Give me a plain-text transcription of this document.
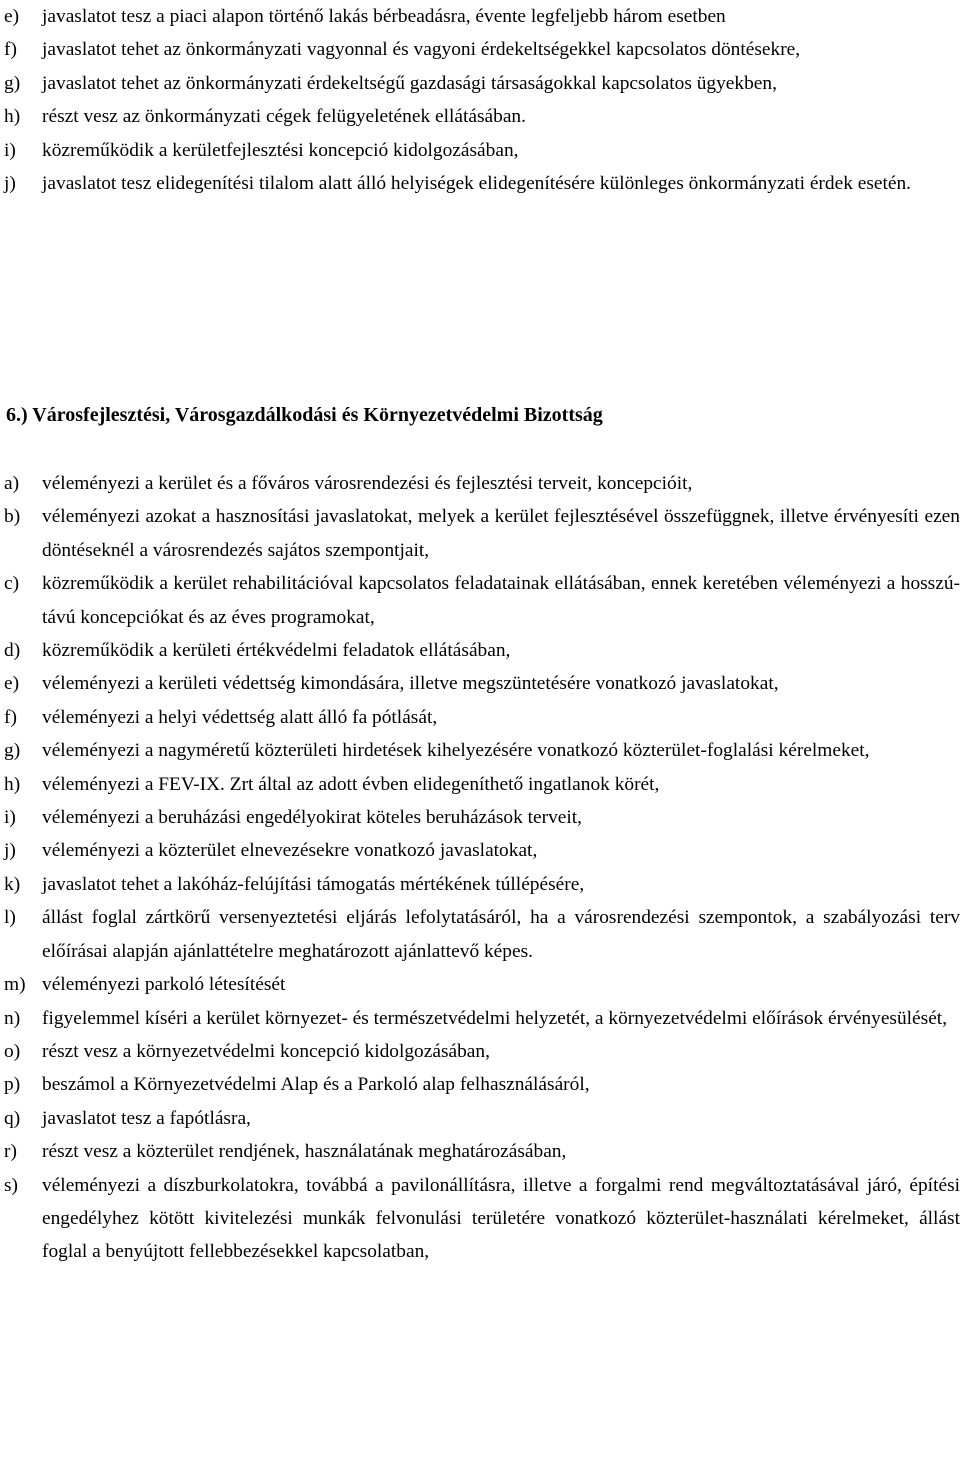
e)	javaslatot tesz a piaci alapon történő lakás bérbeadásra, évente legfeljebb három esetben
f)	javaslatot tehet az önkormányzati vagyonnal és vagyoni érdekeltségekkel kapcsolatos döntésekre,
g)	javaslatot tehet az önkormányzati érdekeltségű gazdasági társaságokkal kapcsolatos ügyekben,
h)	részt vesz az önkormányzati cégek felügyeletének ellátásában.
i)	közreműködik a kerületfejlesztési koncepció kidolgozásában,
j)	javaslatot tesz elidegenítési tilalom alatt álló helyiségek elidegenítésére különleges önkormányzati érdek esetén.
6.) Városfejlesztési, Városgazdálkodási és Környezetvédelmi Bizottság
a)	véleményezi a kerület és a főváros városrendezési és fejlesztési terveit, koncepcióit,
b)	véleményezi azokat a hasznosítási javaslatokat, melyek a kerület fejlesztésével összefüggnek, illetve érvényesíti ezen döntéseknél a városrendezés sajátos szempontjait,
c)	közreműködik a kerület rehabilitációval kapcsolatos feladatainak ellátásában, ennek keretében véleményezi a hosszú-távú koncepciókat és az éves programokat,
d)	közreműködik a kerületi értékvédelmi feladatok ellátásában,
e)	véleményezi a kerületi védettség kimondására, illetve megszüntetésére vonatkozó javaslatokat,
f)	véleményezi a helyi védettség alatt álló fa pótlását,
g)	véleményezi a nagyméretű közterületi hirdetések kihelyezésére vonatkozó közterület-foglalási kérelmeket,
h)	véleményezi a FEV-IX. Zrt által az adott évben elidegeníthető ingatlanok körét,
i)	véleményezi a beruházási engedélyokirat köteles beruházások terveit,
j)	véleményezi a közterület elnevezésekre vonatkozó javaslatokat,
k)	javaslatot tehet a lakóház-felújítási támogatás mértékének túllépésére,
l)	állást foglal zártkörű versenyeztetési eljárás lefolytatásáról, ha a városrendezési szempontok, a szabályozási terv előírásai alapján ajánlattételre meghatározott ajánlattevő képes.
m) véleményezi parkoló létesítését
n)	figyelemmel kíséri a kerület környezet- és természetvédelmi helyzetét, a környezetvédelmi előírások érvényesülését,
o)	részt vesz a környezetvédelmi koncepció kidolgozásában,
p)	beszámol a Környezetvédelmi Alap és a Parkoló alap felhasználásáról,
q)	javaslatot tesz a fapótlásra,
r)	részt vesz a közterület rendjének, használatának meghatározásában,
s)	véleményezi a díszburkolatokra, továbbá a pavilonállításra, illetve a forgalmi rend megváltoztatásával járó, építési engedélyhez kötött kivitelezési munkák felvonulási területére vonatkozó közterület-használati kérelmeket, állást foglal a benyújtott fellebbezésekkel kapcsolatban,
